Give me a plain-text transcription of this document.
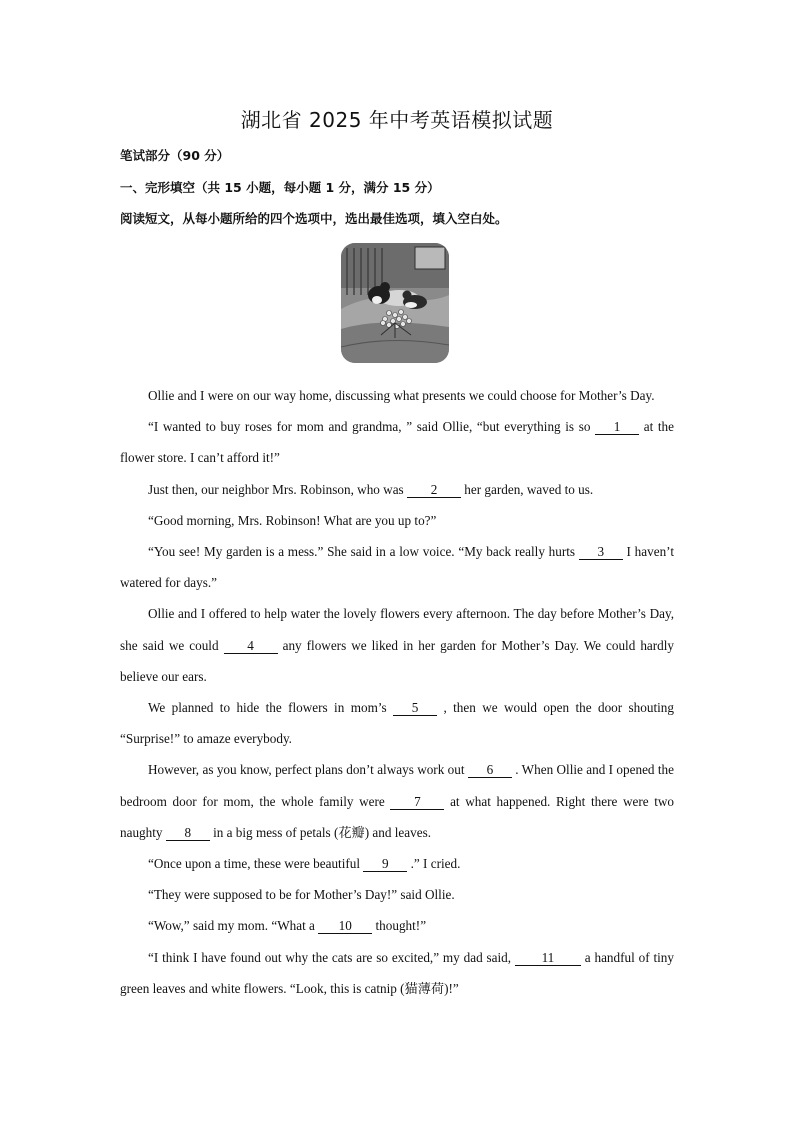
湖北省 2025 年中考英语模拟试题
笔试部分（90 分）
一、完形填空（共 15 小题，每小题 1 分，满分 15 分）
阅读短文，从每小题所给的四个选项中，选出最佳选项，填入空白处。

Ollie and I were on our way home, discussing what presents we could choose for Mother’s Day.

“I wanted to buy roses for mom and grandma, ” said Ollie, “but everything is so 1 at the flower store. I can’t afford it!”

Just then, our neighbor Mrs. Robinson, who was 2 her garden, waved to us.

“Good morning, Mrs. Robinson! What are you up to?”

“You see! My garden is a mess.” She said in a low voice. “My back really hurts 3 I haven’t watered for days.”

Ollie and I offered to help water the lovely flowers every afternoon. The day before Mother’s Day, she said we could 4 any flowers we liked in her garden for Mother’s Day. We could hardly believe our ears.

We planned to hide the flowers in mom’s 5 , then we would open the door shouting “Surprise!” to amaze everybody.

However, as you know, perfect plans don’t always work out 6 . When Ollie and I opened the bedroom door for mom, the whole family were 7 at what happened. Right there were two naughty 8 in a big mess of petals (花瓣) and leaves.

“Once upon a time, these were beautiful 9 .” I cried.

“They were supposed to be for Mother’s Day!” said Ollie.

“Wow,” said my mom. “What a 10 thought!”

“I think I have found out why the cats are so excited,” my dad said, 11 a handful of tiny green leaves and white flowers. “Look, this is catnip (猫薄荷)!”
